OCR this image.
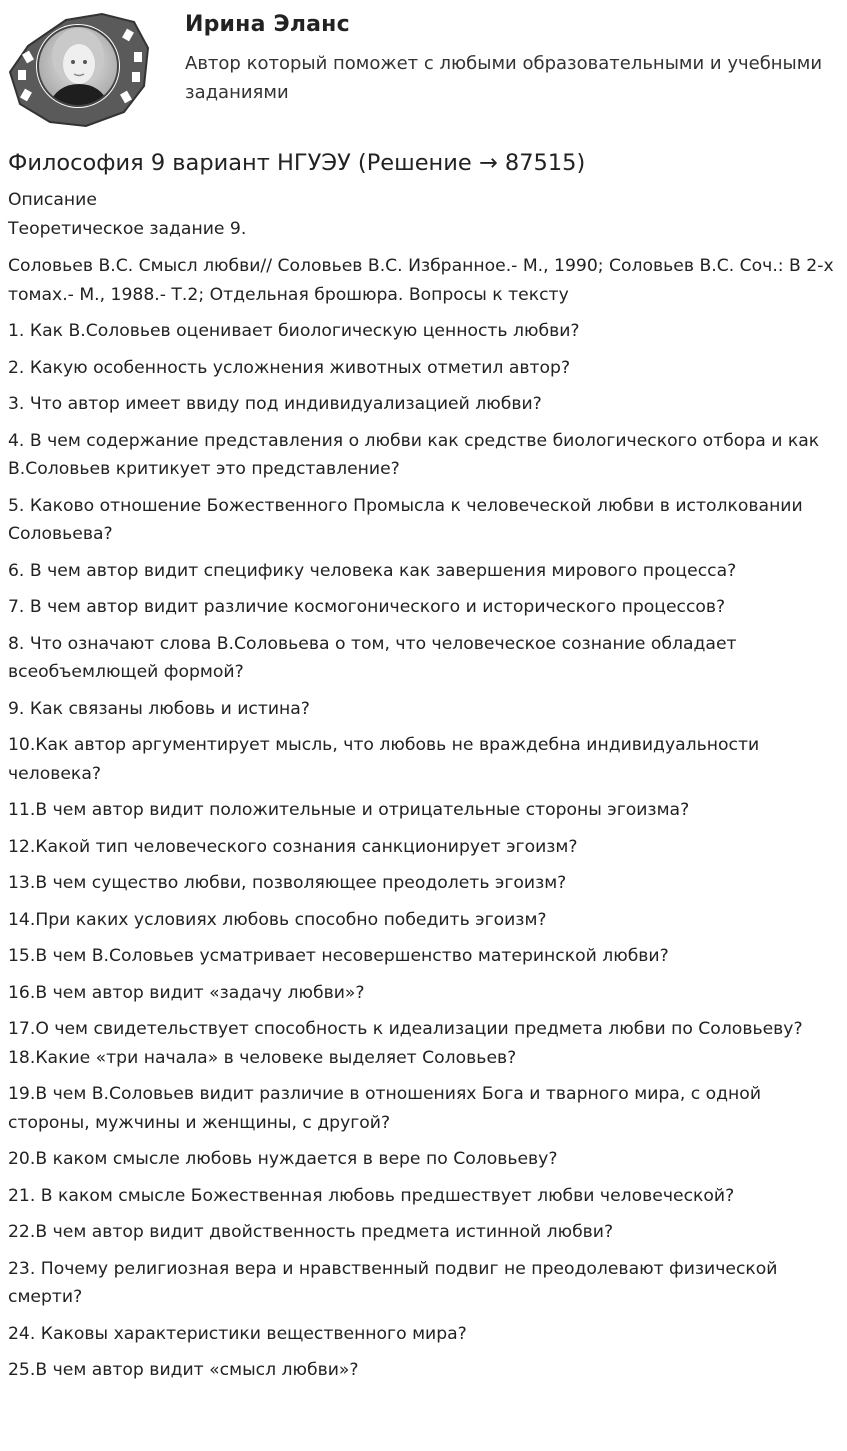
Ирина Эланс
Автор который поможет с любыми образовательными и учебными заданиями
Философия 9 вариант НГУЭУ (Решение → 87515)
Описание
Теоретическое задание 9.

Соловьев В.С. Смысл любви// Соловьев В.С. Избранное.- М., 1990; Соловьев В.С. Соч.: В 2-х томах.- М., 1988.- Т.2; Отдельная брошюра. Вопросы к тексту

1. Как В.Соловьев оценивает биологическую ценность любви?

2. Какую особенность усложнения животных отметил автор?

3. Что автор имеет ввиду под индивидуализацией любви?

4. В чем содержание представления о любви как средстве биологического отбора и как В.Соловьев критикует это представление?

5. Каково отношение Божественного Промысла к человеческой любви в истолковании Соловьева?

6. В чем автор видит специфику человека как завершения мирового процесса?

7. В чем автор видит различие космогонического и исторического процессов?

8. Что означают слова В.Соловьева о том, что человеческое сознание обладает всеобъемлющей формой?

9. Как связаны любовь и истина?

10.Как автор аргументирует мысль, что любовь не враждебна индивидуальности человека?

11.В чем автор видит положительные и отрицательные стороны эгоизма?

12.Какой тип человеческого сознания санкционирует эгоизм?

13.В чем существо любви, позволяющее преодолеть эгоизм?

14.При каких условиях любовь способно победить эгоизм?

15.В чем В.Соловьев усматривает несовершенство материнской любви?

16.В чем автор видит «задачу любви»?

17.О чем свидетельствует способность к идеализации предмета любви по Соловьеву? 18.Какие «три начала» в человеке выделяет Соловьев?

19.В чем В.Соловьев видит различие в отношениях Бога и тварного мира, с одной стороны, мужчины и женщины, с другой?

20.В каком смысле любовь нуждается в вере по Соловьеву?

21. В каком смысле Божественная любовь предшествует любви человеческой?

22.В чем автор видит двойственность предмета истинной любви?

23. Почему религиозная вера и нравственный подвиг не преодолевают физической смерти?

24. Каковы характеристики вещественного мира?

25.В чем автор видит «смысл любви»?
